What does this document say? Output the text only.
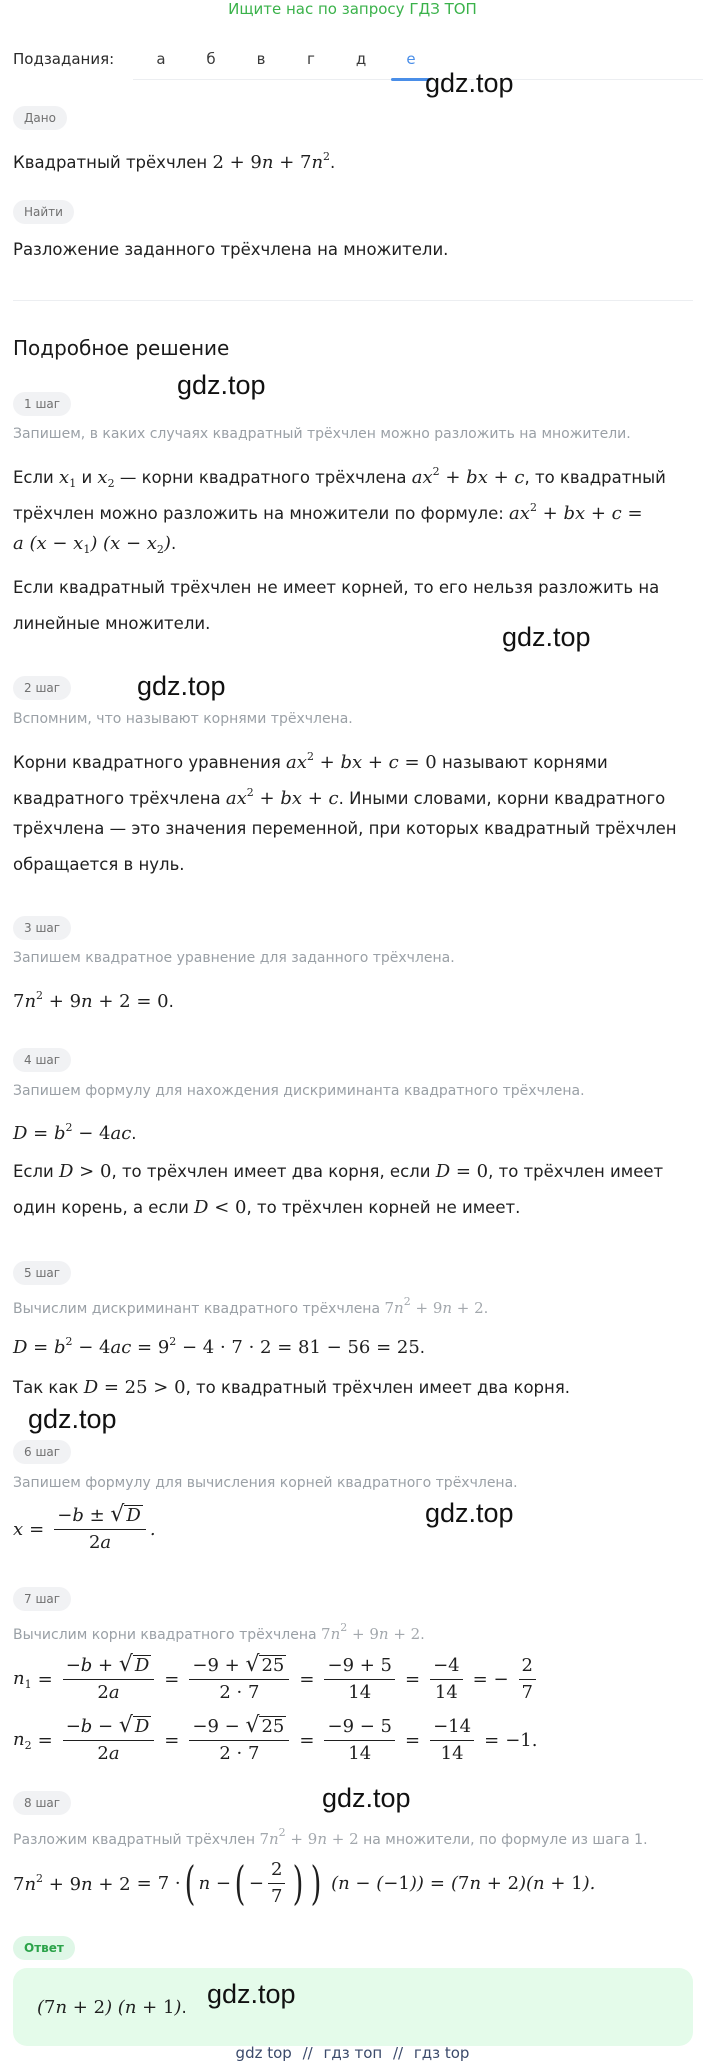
Ищите нас по запросу ГДЗ ТОП
Подзадания:	а	б	в	г	д	е
Дано
Квадратный трёхчлен $2 + 9n + 7n^2$.
Найти
Разложение заданного трёхчлена на множители.
Подробное решение
1 шаг
Запишем, в каких случаях квадратный трёхчлен можно разложить на множители.
Если $x_1$ и $x_2$ — корни квадратного трёхчлена $ax^2$ + bx + c, то квадратный
трёхчлен можно разложить на множители по формуле: $ax^2$ + bx + c =
a $(x - x_1)$ $(x - x_2)$.
Если квадратный трёхчлен не имеет корней, то его нельзя разложить на
линейные множители.
2 шаг
Вспомним, что называют корнями трёхчлена.
Корни квадратного уравнения $ax^2$ + bx + c = 0 называют корнями
квадратного трёхчлена $ax^2$ + bx + c. Иными словами, корни квадратного
трёхчлена — это значения переменной, при которых квадратный трёхчлен
обращается в нуль.
3 шаг
Запишем квадратное уравнение для заданного трёхчлена.
$7n^2 + 9n + 2 = 0$.
4 шаг
Запишем формулу для нахождения дискриминанта квадратного трёхчлена.
$D = b^2 - 4ac$.
Если D > 0, то трёхчлен имеет два корня, если D = 0, то трёхчлен имеет
один корень, а если D < 0, то трёхчлен корней не имеет.
5 шаг
Вычислим дискриминант квадратного трёхчлена $7n^2 + 9n + 2$.
$D = b^2 - 4ac = 9^2 - 4 \cdot 7 \cdot 2 = 81 - 56 = 25$.
Так как D = 25 > 0, то квадратный трёхчлен имеет два корня.
6 шаг
Запишем формулу для вычисления корней квадратного трёхчлена.
$x = \frac{-b \pm √ D}{2a}$ .
7 шаг
Вычислим корни квадратного трёхчлена $7n^2 + 9n + 2$.
$n_1 = \frac{-b + √ D}{2a} = \frac{-9 + √ 25}{2 \cdot 7} = \frac{-9 + 5}{14} = \frac{-4}{14}$ = − $\frac{2}{7}$
$n_2 = \frac{-b - √ D}{2a} = \frac{-9 - √ 25}{2 \cdot 7} = \frac{-9 - 5}{14} = \frac{-14}{14} = -1$.
8 шаг
Разложим квадратный трёхчлен $7n^2 + 9n + 2$ на множители, по формуле из шага 1.
$7n^2 + 9n + 2 = 7$ · ( n − ( − $\frac{2}{7}$ ) ) (n − (−1)) = (7n + 2)(n + 1).
Ответ
(7n + 2) (n + 1).
gdz.top
gdz.top
gdz.top
gdz.top
gdz.top
gdz.top
gdz.top
gdz.top
gdz top // гдз топ // гдз top
